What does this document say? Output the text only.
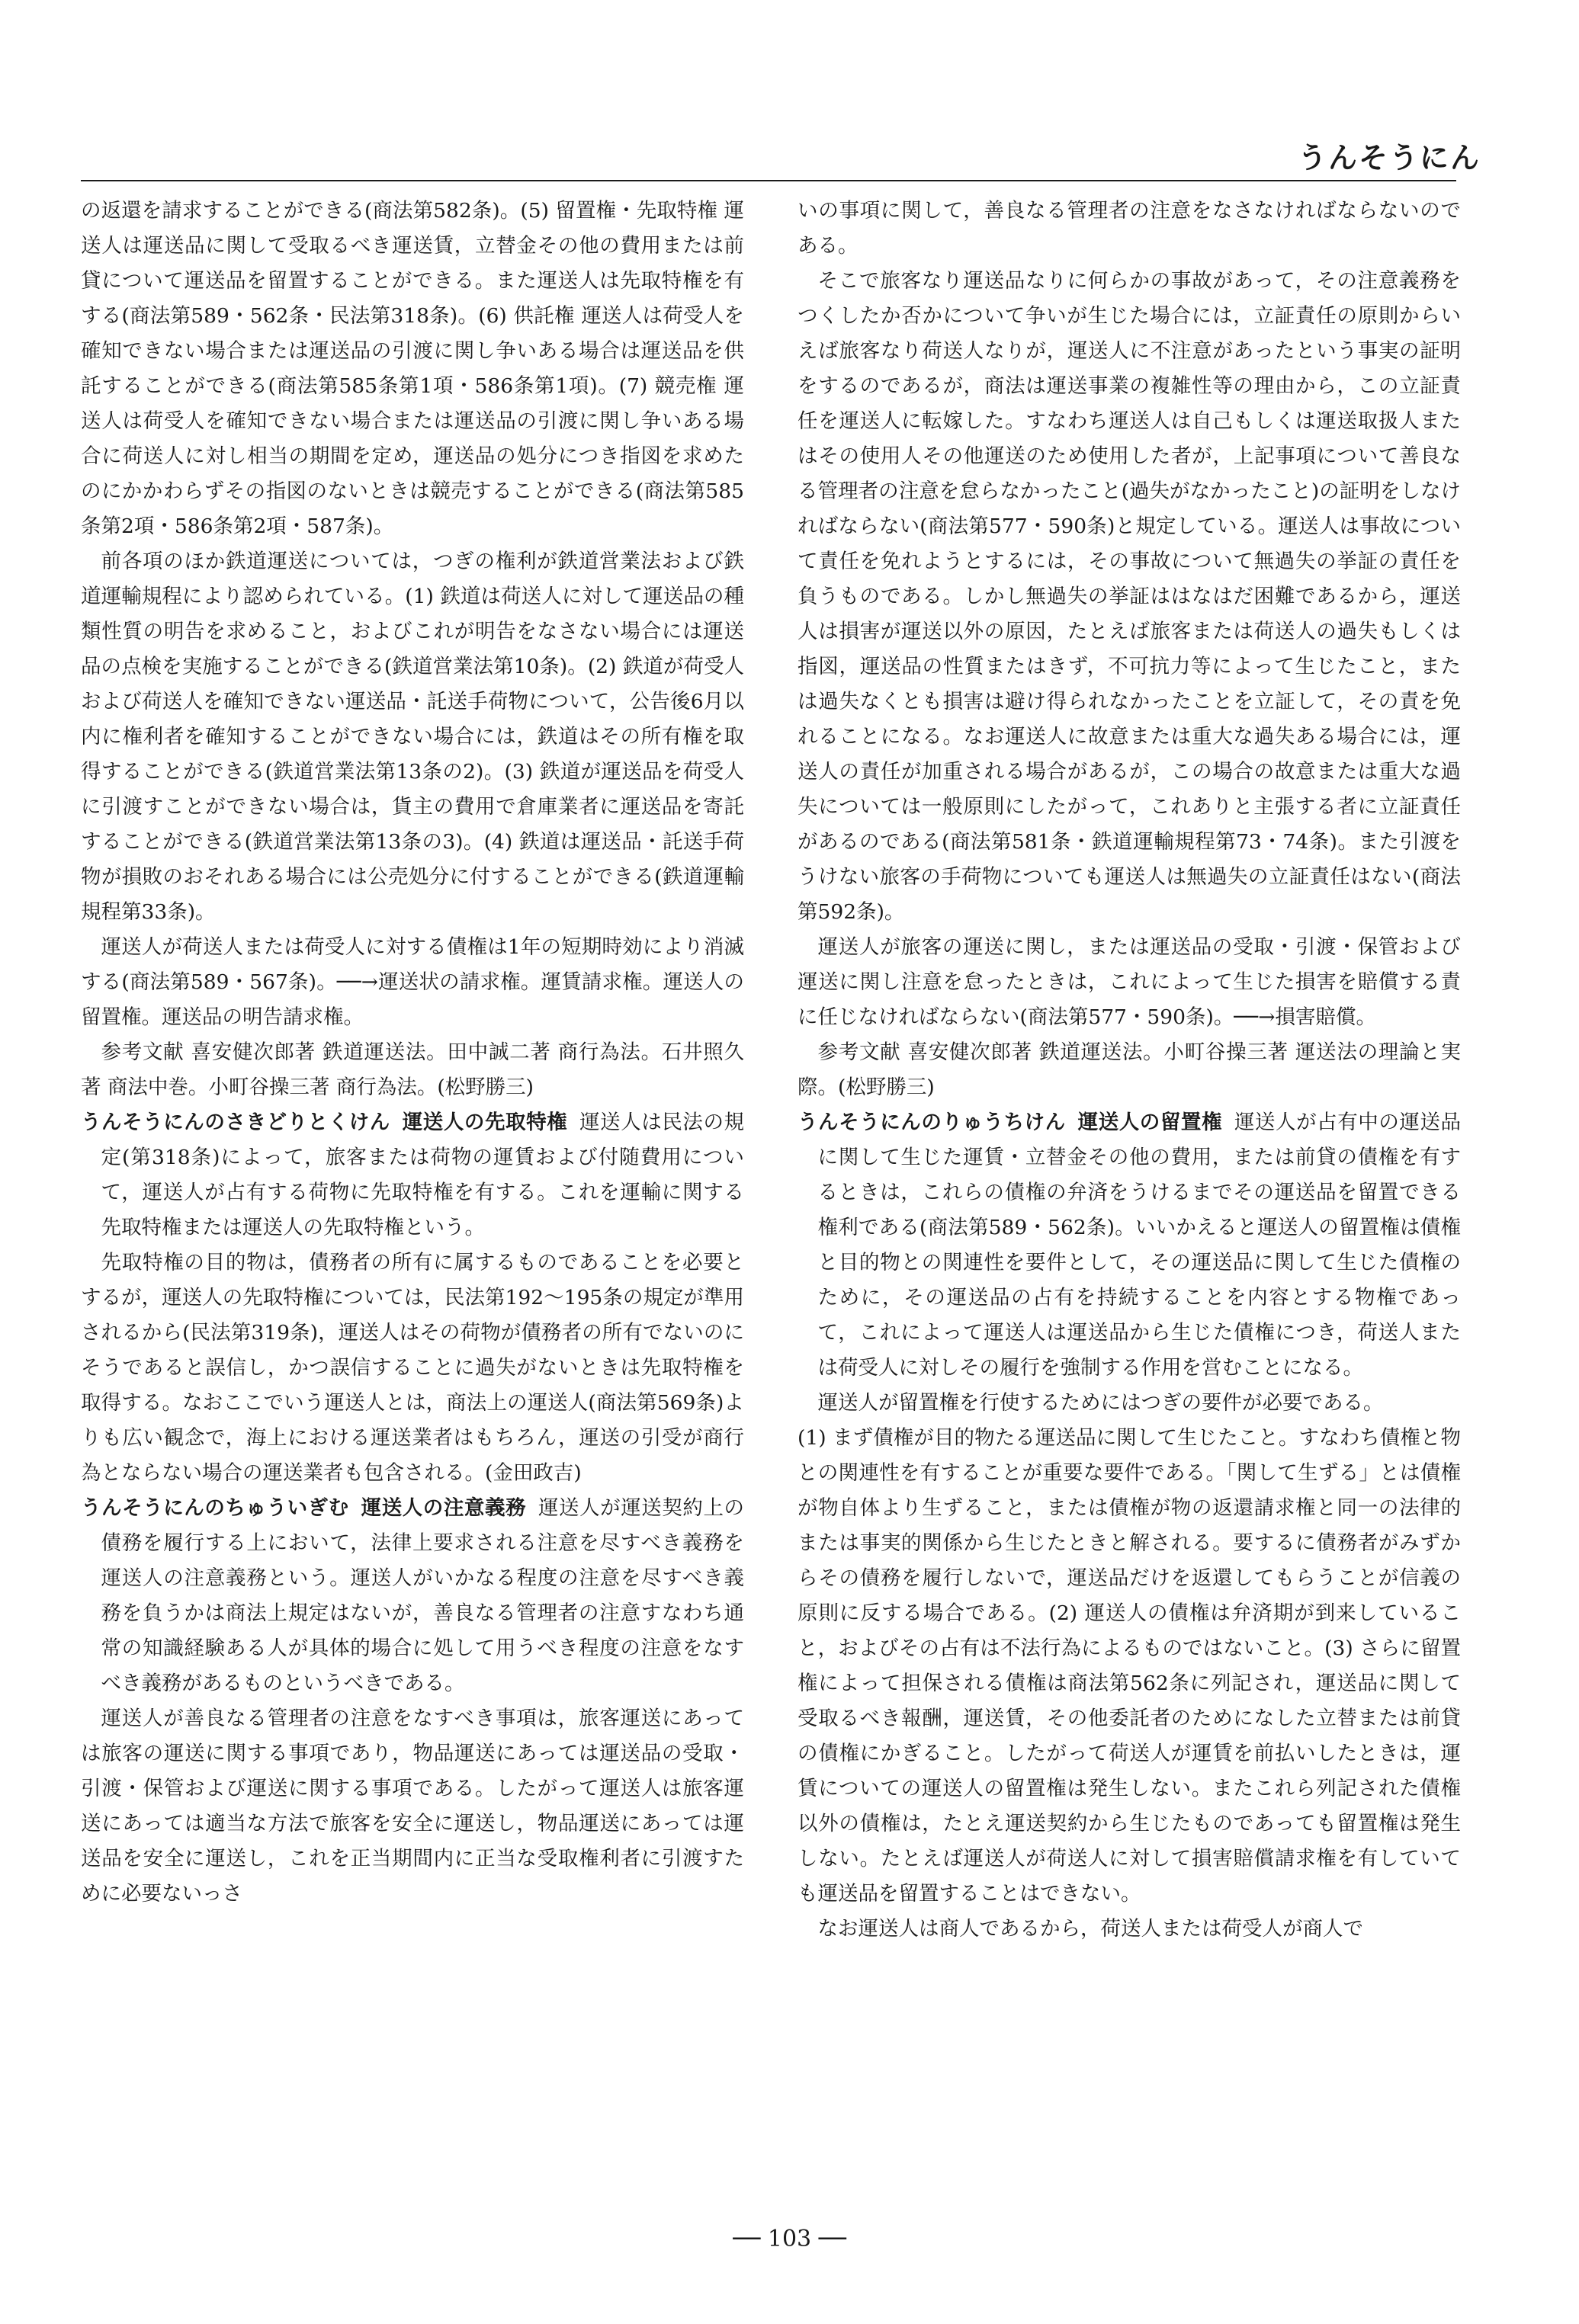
うんそうにん

の返還を請求することができる(商法第582条)。(5) 留置権・先取特権 運送人は運送品に関して受取るべき運送賃，立替金その他の費用または前貸について運送品を留置することができる。また運送人は先取特権を有する(商法第589・562条・民法第318条)。(6) 供託権 運送人は荷受人を確知できない場合または運送品の引渡に関し争いある場合は運送品を供託することができる(商法第585条第1項・586条第1項)。(7) 競売権 運送人は荷受人を確知できない場合または運送品の引渡に関し争いある場合に荷送人に対し相当の期間を定め，運送品の処分につき指図を求めたのにかかわらずその指図のないときは競売することができる(商法第585条第2項・586条第2項・587条)。

前各項のほか鉄道運送については，つぎの権利が鉄道営業法および鉄道運輸規程により認められている。(1) 鉄道は荷送人に対して運送品の種類性質の明告を求めること，およびこれが明告をなさない場合には運送品の点検を実施することができる(鉄道営業法第10条)。(2) 鉄道が荷受人および荷送人を確知できない運送品・託送手荷物について，公告後6月以内に権利者を確知することができない場合には，鉄道はその所有権を取得することができる(鉄道営業法第13条の2)。(3) 鉄道が運送品を荷受人に引渡すことができない場合は，貨主の費用で倉庫業者に運送品を寄託することができる(鉄道営業法第13条の3)。(4) 鉄道は運送品・託送手荷物が損敗のおそれある場合には公売処分に付することができる(鉄道運輸規程第33条)。

運送人が荷送人または荷受人に対する債権は1年の短期時効により消滅する(商法第589・567条)。──→運送状の請求権。運賃請求権。運送人の留置権。運送品の明告請求権。

参考文献 喜安健次郎著 鉄道運送法。田中誠二著 商行為法。石井照久著 商法中巻。小町谷操三著 商行為法。(松野勝三)

うんそうにんのさきどりとくけん 運送人の先取特権 運送人は民法の規定(第318条)によって，旅客または荷物の運賃および付随費用について，運送人が占有する荷物に先取特権を有する。これを運輸に関する先取特権または運送人の先取特権という。

先取特権の目的物は，債務者の所有に属するものであることを必要とするが，運送人の先取特権については，民法第192〜195条の規定が準用されるから(民法第319条)，運送人はその荷物が債務者の所有でないのにそうであると誤信し，かつ誤信することに過失がないときは先取特権を取得する。なおここでいう運送人とは，商法上の運送人(商法第569条)よりも広い観念で，海上における運送業者はもちろん，運送の引受が商行為とならない場合の運送業者も包含される。(金田政吉)

うんそうにんのちゅういぎむ 運送人の注意義務 運送人が運送契約上の債務を履行する上において，法律上要求される注意を尽すべき義務を運送人の注意義務という。運送人がいかなる程度の注意を尽すべき義務を負うかは商法上規定はないが，善良なる管理者の注意すなわち通常の知識経験ある人が具体的場合に処して用うべき程度の注意をなすべき義務があるものというべきである。

運送人が善良なる管理者の注意をなすべき事項は，旅客運送にあっては旅客の運送に関する事項であり，物品運送にあっては運送品の受取・引渡・保管および運送に関する事項である。したがって運送人は旅客運送にあっては適当な方法で旅客を安全に運送し，物品運送にあっては運送品を安全に運送し，これを正当期間内に正当な受取権利者に引渡すために必要ないっさ

いの事項に関して，善良なる管理者の注意をなさなければならないのである。

そこで旅客なり運送品なりに何らかの事故があって，その注意義務をつくしたか否かについて争いが生じた場合には，立証責任の原則からいえば旅客なり荷送人なりが，運送人に不注意があったという事実の証明をするのであるが，商法は運送事業の複雑性等の理由から，この立証責任を運送人に転嫁した。すなわち運送人は自己もしくは運送取扱人またはその使用人その他運送のため使用した者が，上記事項について善良なる管理者の注意を怠らなかったこと(過失がなかったこと)の証明をしなければならない(商法第577・590条)と規定している。運送人は事故について責任を免れようとするには，その事故について無過失の挙証の責任を負うものである。しかし無過失の挙証ははなはだ困難であるから，運送人は損害が運送以外の原因，たとえば旅客または荷送人の過失もしくは指図，運送品の性質またはきず，不可抗力等によって生じたこと，または過失なくとも損害は避け得られなかったことを立証して，その責を免れることになる。なお運送人に故意または重大な過失ある場合には，運送人の責任が加重される場合があるが，この場合の故意または重大な過失については一般原則にしたがって，これありと主張する者に立証責任があるのである(商法第581条・鉄道運輸規程第73・74条)。また引渡をうけない旅客の手荷物についても運送人は無過失の立証責任はない(商法第592条)。

運送人が旅客の運送に関し，または運送品の受取・引渡・保管および運送に関し注意を怠ったときは，これによって生じた損害を賠償する責に任じなければならない(商法第577・590条)。──→損害賠償。

参考文献 喜安健次郎著 鉄道運送法。小町谷操三著 運送法の理論と実際。(松野勝三)

うんそうにんのりゅうちけん 運送人の留置権 運送人が占有中の運送品に関して生じた運賃・立替金その他の費用，または前貸の債権を有するときは，これらの債権の弁済をうけるまでその運送品を留置できる権利である(商法第589・562条)。いいかえると運送人の留置権は債権と目的物との関連性を要件として，その運送品に関して生じた債権のために，その運送品の占有を持続することを内容とする物権であって，これによって運送人は運送品から生じた債権につき，荷送人または荷受人に対しその履行を強制する作用を営むことになる。

運送人が留置権を行使するためにはつぎの要件が必要である。

(1) まず債権が目的物たる運送品に関して生じたこと。すなわち債権と物との関連性を有することが重要な要件である。「関して生ずる」とは債権が物自体より生ずること，または債権が物の返還請求権と同一の法律的または事実的関係から生じたときと解される。要するに債務者がみずからその債務を履行しないで，運送品だけを返還してもらうことが信義の原則に反する場合である。(2) 運送人の債権は弁済期が到来していること，およびその占有は不法行為によるものではないこと。(3) さらに留置権によって担保される債権は商法第562条に列記され，運送品に関して受取るべき報酬，運送賃，その他委託者のためになした立替または前貸の債権にかぎること。したがって荷送人が運賃を前払いしたときは，運賃についての運送人の留置権は発生しない。またこれら列記された債権以外の債権は，たとえ運送契約から生じたものであっても留置権は発生しない。たとえば運送人が荷送人に対して損害賠償請求権を有していても運送品を留置することはできない。

なお運送人は商人であるから，荷送人または荷受人が商人で

── 103 ──
